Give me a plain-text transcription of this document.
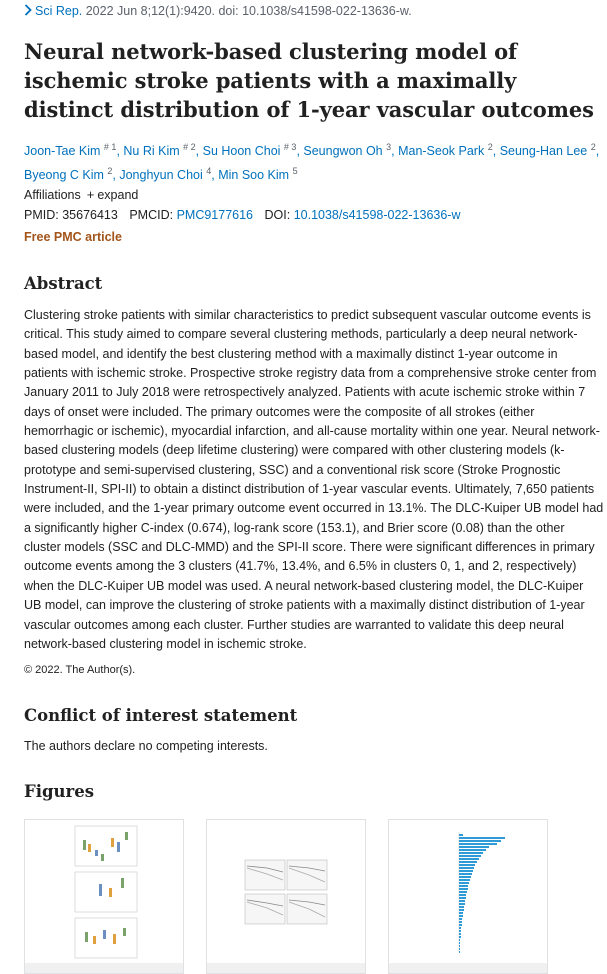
Sci Rep. 2022 Jun 8;12(1):9420. doi: 10.1038/s41598-022-13636-w.
Neural network-based clustering model of ischemic stroke patients with a maximally distinct distribution of 1-year vascular outcomes
Joon-Tae Kim $^{\# 1}$, Nu Ri Kim $^{\# 2}$, Su Hoon Choi $^{\# 3}$, Seungwon Oh $^3$, Man-Seok Park $^2$, Seung-Han Lee $^2$, Byeong C Kim $^2$, Jonghyun Choi $^4$, Min Soo Kim $^5$
Affiliations + expand
PMID: 35676413 PMCID: PMC9177616 DOI: 10.1038/s41598-022-13636-w
Free PMC article
Abstract
Clustering stroke patients with similar characteristics to predict subsequent vascular outcome events is critical. This study aimed to compare several clustering methods, particularly a deep neural network-based model, and identify the best clustering method with a maximally distinct 1-year outcome in patients with ischemic stroke. Prospective stroke registry data from a comprehensive stroke center from January 2011 to July 2018 were retrospectively analyzed. Patients with acute ischemic stroke within 7 days of onset were included. The primary outcomes were the composite of all strokes (either hemorrhagic or ischemic), myocardial infarction, and all-cause mortality within one year. Neural network-based clustering models (deep lifetime clustering) were compared with other clustering models (k-prototype and semi-supervised clustering, SSC) and a conventional risk score (Stroke Prognostic Instrument-II, SPI-II) to obtain a distinct distribution of 1-year vascular events. Ultimately, 7,650 patients were included, and the 1-year primary outcome event occurred in 13.1%. The DLC-Kuiper UB model had a significantly higher C-index (0.674), log-rank score (153.1), and Brier score (0.08) than the other cluster models (SSC and DLC-MMD) and the SPI-II score. There were significant differences in primary outcome events among the 3 clusters (41.7%, 13.4%, and 6.5% in clusters 0, 1, and 2, respectively) when the DLC-Kuiper UB model was used. A neural network-based clustering model, the DLC-Kuiper UB model, can improve the clustering of stroke patients with a maximally distinct distribution of 1-year vascular outcomes among each cluster. Further studies are warranted to validate this deep neural network-based clustering model in ischemic stroke.
© 2022. The Author(s).
Conflict of interest statement
The authors declare no competing interests.
Figures
